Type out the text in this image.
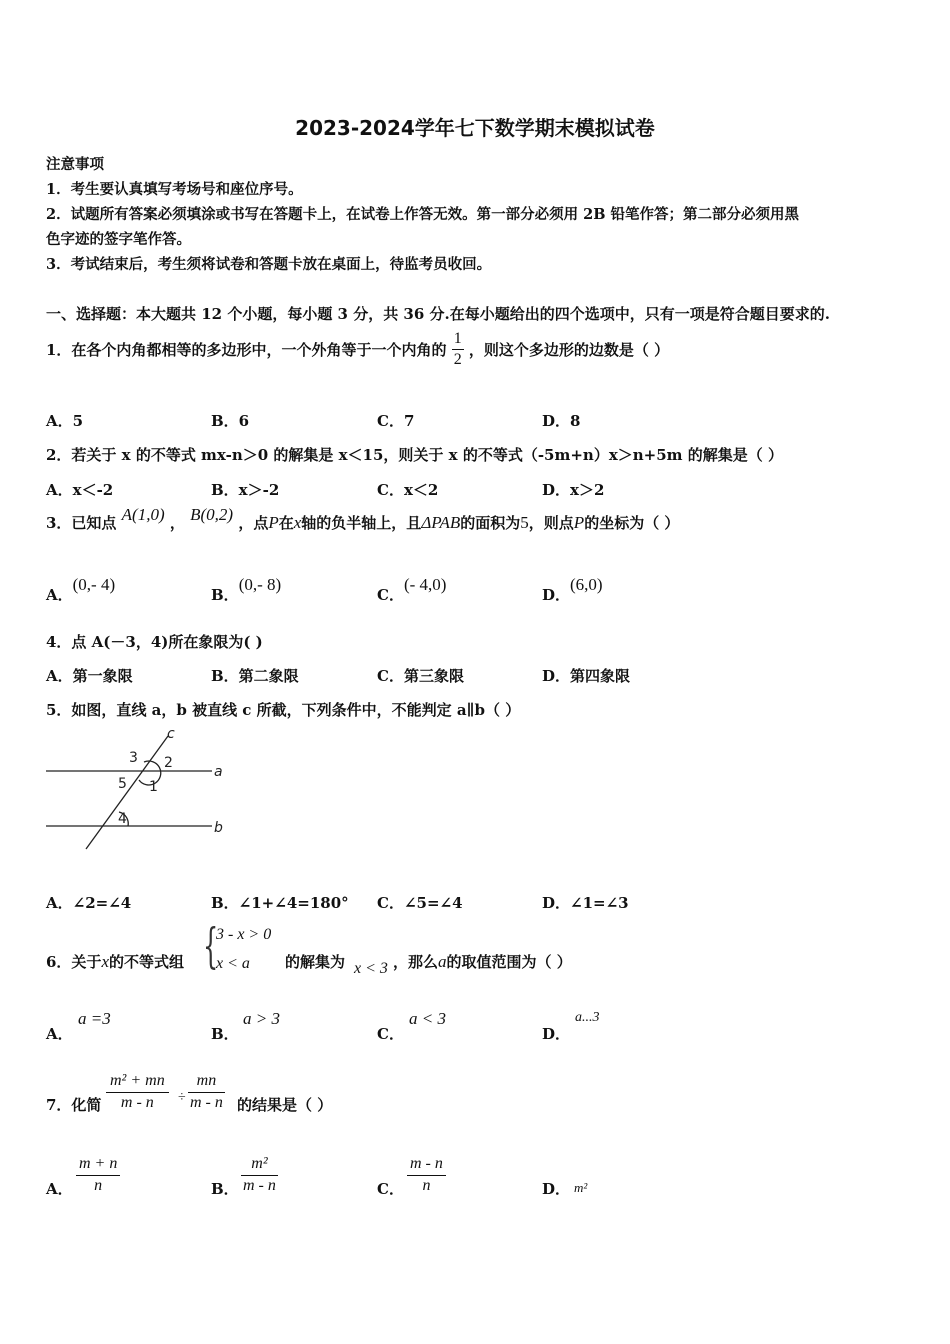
2023-2024学年七下数学期末模拟试卷
注意事项
1．考生要认真填写考场号和座位序号。
2．试题所有答案必须填涂或书写在答题卡上，在试卷上作答无效。第一部分必须用 2B 铅笔作答；第二部分必须用黑
色字迹的签字笔作答。
3．考试结束后，考生须将试卷和答题卡放在桌面上，待监考员收回。
一、选择题：本大题共 12 个小题，每小题 3 分，共 36 分.在每小题给出的四个选项中，只有一项是符合题目要求的.
1．在各个内角都相等的多边形中，一个外角等于一个内角的 $\frac{1}{2}$ ，则这个多边形的边数是（ ）
A．5	B．6	C．7	D．8
2．若关于 x 的不等式 mx-n＞0 的解集是 x＜15，则关于 x 的不等式（-5m+n）x＞n+5m 的解集是（ ）
A．x＜-2	B．x＞-2	C．x＜2	D．x＞2
3．已知点 A(1,0) ， B(0,2) ，点P在x轴的负半轴上，且ΔPAB的面积为5，则点P的坐标为（ ）
A．(0,- 4)
B．(0,- 8)
C．(- 4,0)
D．(6,0)
4．点 A(－3，4)所在象限为( )
A．第一象限	B．第二象限	C．第三象限	D．第四象限
5．如图，直线 a，b 被直线 c 所截，下列条件中，不能判定 a∥b（ ）
c
a
b
1
2
3
4
5
A．∠2=∠4	B．∠1+∠4=180° C．∠5=∠4	D．∠1=∠3
6．关于x的不等式组 {
3 - x > 0
x < a 的解集为 x < 3 ，那么a的取值范围为（ ）
A．
a =3
B．
a > 3
C．
a < 3
D．
a...3
7．化简 $\frac{\text{m² + mn}}{m - n} \div \frac{mn}{m - n}$ 的结果是（ ）
A． $\frac{m + n}{n}$	B． $\frac{\text{m²}}{m - n}$	C． $\frac{m - n}{n}$	D． m²
